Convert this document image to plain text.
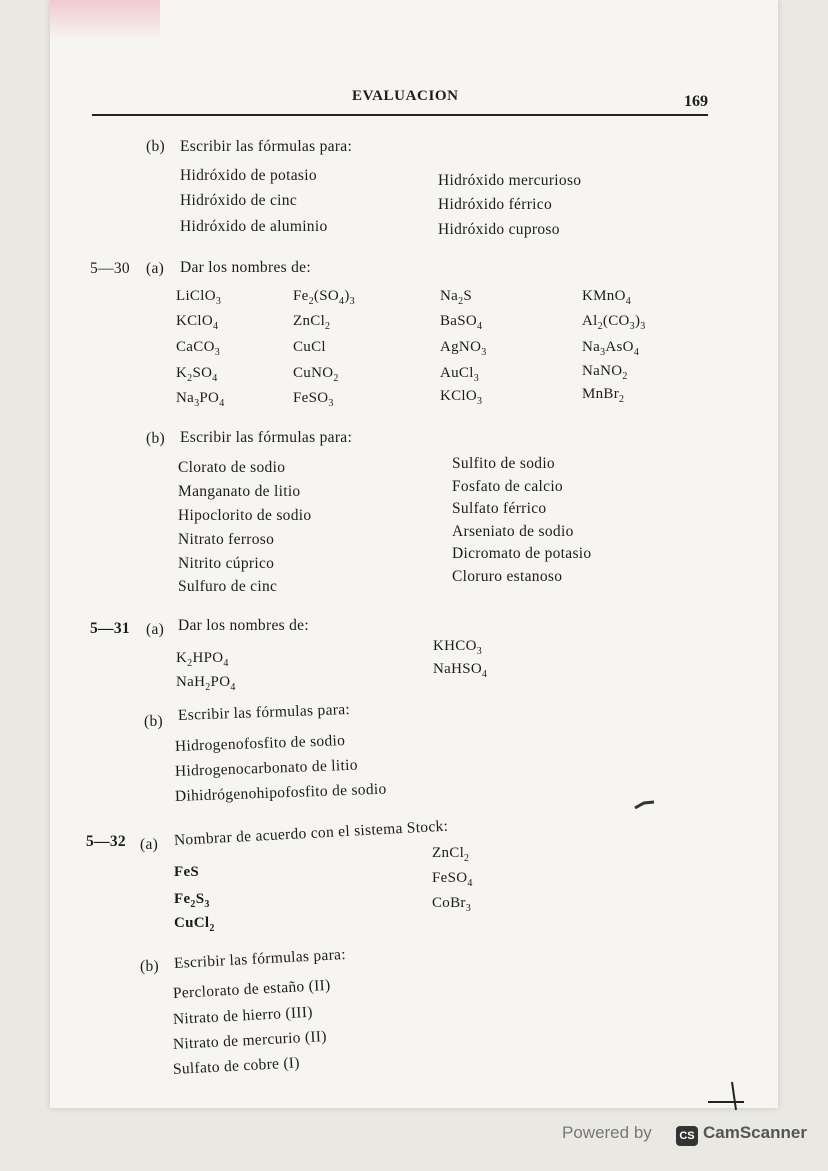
EVALUACION	169
(b) Escribir las fórmulas para:
Hidróxido de potasio
Hidróxido de cinc
Hidróxido de aluminio
Hidróxido mercurioso
Hidróxido férrico
Hidróxido cuproso
5—30 (a) Dar los nombres de:
LiClO$_3$
KClO$_4$
CaCO$_3$
$K_2SO_4$
$Na_3PO_4$
$Fe_2(SO_4)_3$
ZnCl$_2$
CuCl
CuNO$_2$
FeSO$_3$
$Na_2S$
BaSO$_4$
AgNO$_3$
AuCl$_3$
KClO$_3$
KMnO$_4$
$Al_2(CO_3)_3$
$Na_3AsO_4$
NaNO$_2$
MnBr$_2$
(b) Escribir las fórmulas para:
Clorato de sodio
Manganato de litio
Hipoclorito de sodio
Nitrato ferroso
Nitrito cúprico
Sulfuro de cinc
Sulfito de sodio
Fosfato de calcio
Sulfato férrico
Arseniato de sodio
Dicromato de potasio
Cloruro estanoso
5—31 (a) Dar los nombres de:
$K_2HPO_4$
$NaH_2PO_4$
$KHCO_3$
NaHSO$_4$
(b) Escribir las fórmulas para:
Hidrogenofosfito de sodio
Hidrogenocarbonato de litio
Dihidrógenohipofosfito de sodio
5—32 (a) Nombrar de acuerdo con el sistema Stock:
FeS
$Fe_2S_3$
CuCl$_2$
ZnCl$_2$
FeSO$_4$
CoBr$_3$
(b) Escribir las fórmulas para:
Perclorato de estaño (II)
Nitrato de hierro (III)
Nitrato de mercurio (II)
Sulfato de cobre (I)
Powered by	CS CamScanner
